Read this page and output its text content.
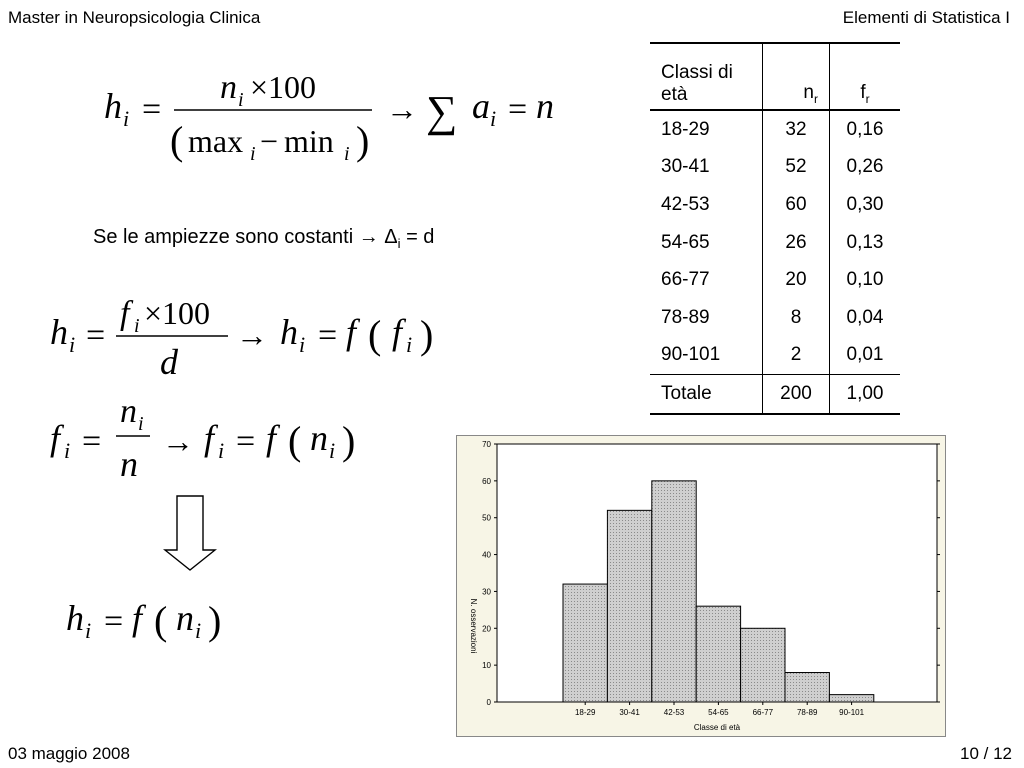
Master in Neuropsicologia Clinica	Elementi di Statistica I
h i =
n i ×100
( max i − min i )
→ ∑ a i = n
Se le ampiezze sono costanti → $\Delta_i = d$
h i =
f i ×100
d
→ h i = f ( f i )
f i =
n i
n
→ f i = f ( n i )
h i = f ( n i )
Classi di età	$n_r$	$f_r$
18-29	32	0,16
30-41	52	0,26
42-53	60	0,30
54-65	26	0,13
66-77	20	0,10
78-89	8	0,04
90-101	2	0,01
Totale	200	1,00
0
10
20
30
40
50
60
70
18-29	30-41	42-53	54-65	66-77	78-89	90-101
Classe di età
N. osservazioni
03 maggio 2008	10 / 12
